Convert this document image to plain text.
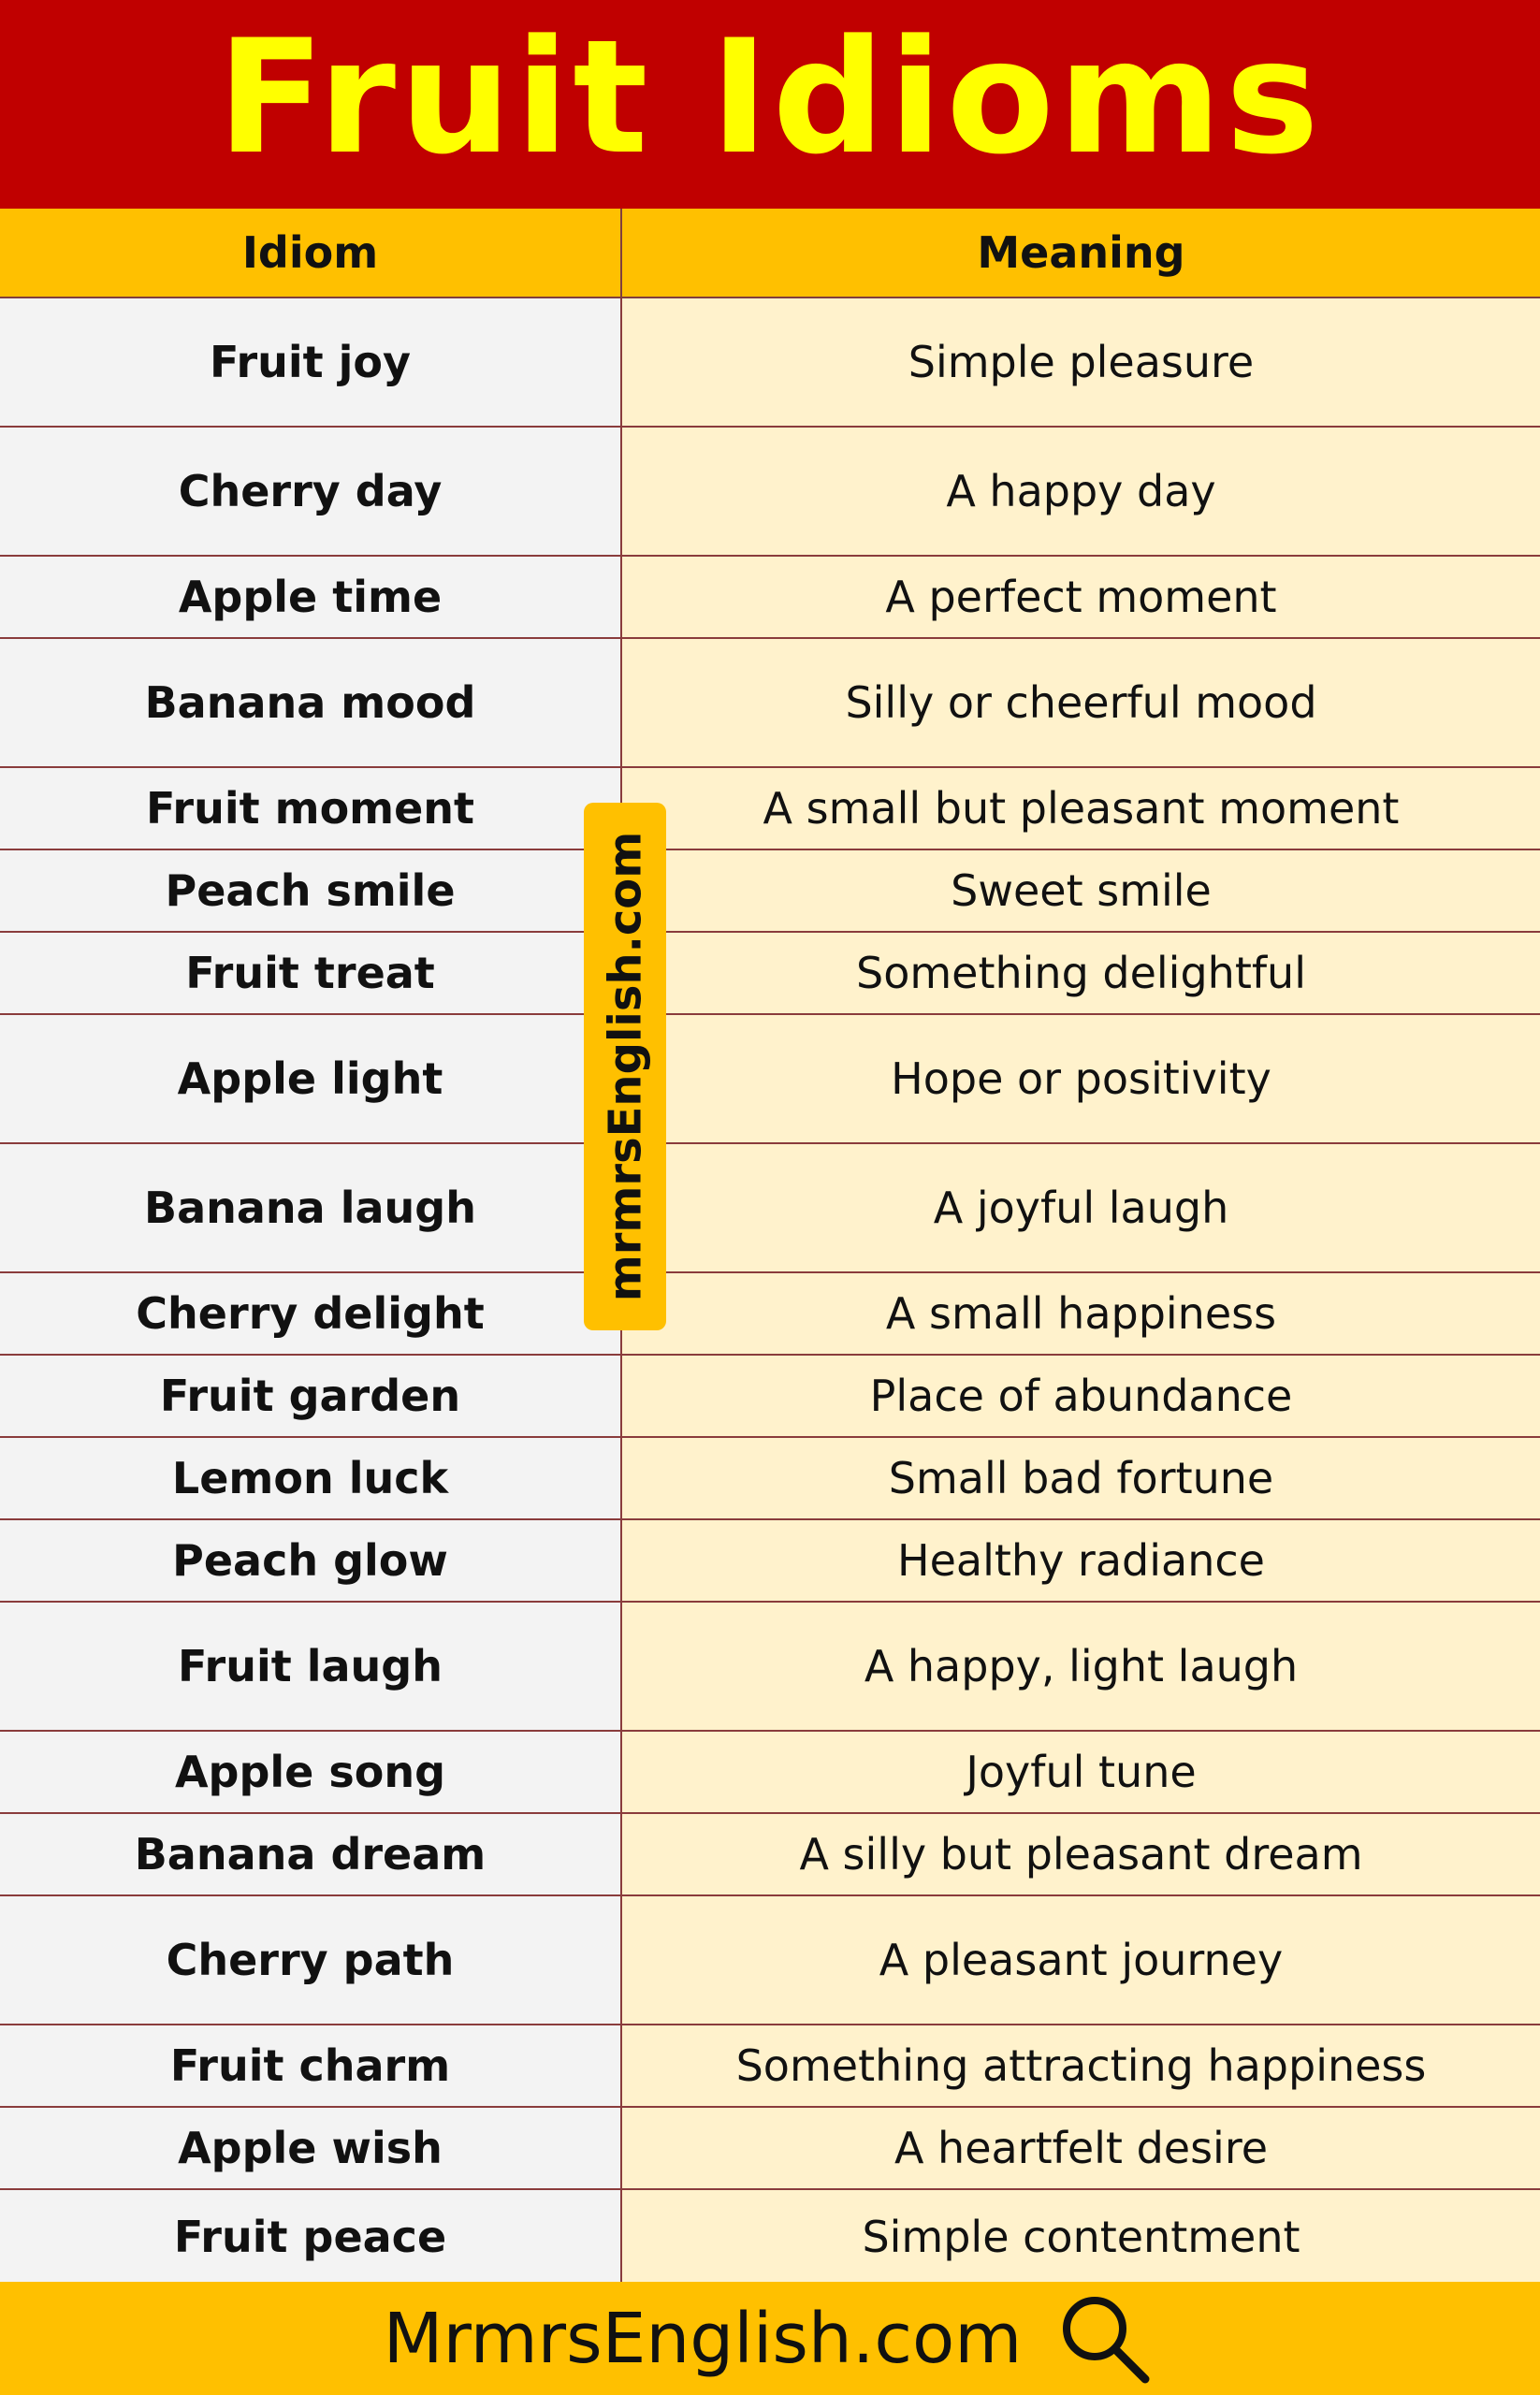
Fruit Idioms
Idiom	Meaning
Fruit joy	Simple pleasure
Cherry day	A happy day
Apple time	A perfect moment
Banana mood	Silly or cheerful mood
Fruit moment	A small but pleasant moment
Peach smile	Sweet smile
Fruit treat	Something delightful
Apple light	Hope or positivity
Banana laugh	A joyful laugh
Cherry delight	A small happiness
Fruit garden	Place of abundance
Lemon luck	Small bad fortune
Peach glow	Healthy radiance
Fruit laugh	A happy, light laugh
Apple song	Joyful tune
Banana dream	A silly but pleasant dream
Cherry path	A pleasant journey
Fruit charm	Something attracting happiness
Apple wish	A heartfelt desire
Fruit peace	Simple contentment
mrmrsEnglish.com
MrmrsEnglish.com
